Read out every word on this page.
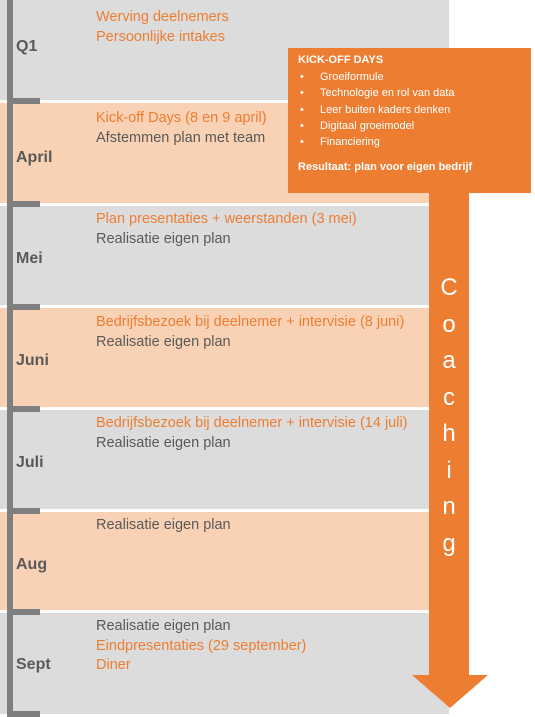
Q1
Werving deelnemers
Persoonlijke intakes
April
Kick-off Days (8 en 9 april)
Afstemmen plan met team
Mei
Plan presentaties + weerstanden (3 mei)
Realisatie eigen plan
Juni
Bedrijfsbezoek bij deelnemer + intervisie (8 juni)
Realisatie eigen plan
Juli
Bedrijfsbezoek bij deelnemer + intervisie (14 juli)
Realisatie eigen plan
Aug
Realisatie eigen plan
Sept
Realisatie eigen plan
Eindpresentaties (29 september)
Diner
C
o
a
c
h
i
n
g
KICK-OFF DAYS
• Groeiformule
• Technologie en rol van data
• Leer buiten kaders denken
• Digitaal groeimodel
• Financiering
Resultaat: plan voor eigen bedrijf
